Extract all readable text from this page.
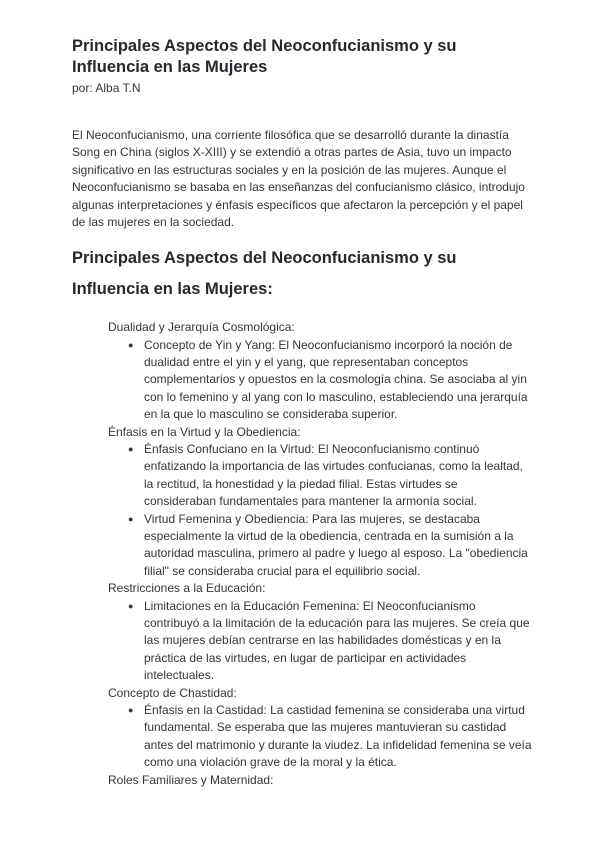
Principales Aspectos del Neoconfucianismo y su Influencia en las Mujeres
por: Alba T.N

El Neoconfucianismo, una corriente filosófica que se desarrolló durante la dinastía Song en China (siglos X-XIII) y se extendió a otras partes de Asia, tuvo un impacto significativo en las estructuras sociales y en la posición de las mujeres. Aunque el Neoconfucianismo se basaba en las enseñanzas del confucianismo clásico, introdujo algunas interpretaciones y énfasis específicos que afectaron la percepción y el papel de las mujeres en la sociedad.

Principales Aspectos del Neoconfucianismo y su Influencia en las Mujeres:
Dualidad y Jerarquía Cosmológica:
● Concepto de Yin y Yang: El Neoconfucianismo incorporó la noción de dualidad entre el yin y el yang, que representaban conceptos complementarios y opuestos en la cosmología china. Se asociaba al yin con lo femenino y al yang con lo masculino, estableciendo una jerarquía en la que lo masculino se consideraba superior.
Énfasis en la Virtud y la Obediencia:
● Énfasis Confuciano en la Virtud: El Neoconfucianismo continuó enfatizando la importancia de las virtudes confucianas, como la lealtad, la rectitud, la honestidad y la piedad filial. Estas virtudes se consideraban fundamentales para mantener la armonía social.
● Virtud Femenina y Obediencia: Para las mujeres, se destacaba especialmente la virtud de la obediencia, centrada en la sumisión a la autoridad masculina, primero al padre y luego al esposo. La "obediencia filial" se consideraba crucial para el equilibrio social.
Restricciones a la Educación:
● Limitaciones en la Educación Femenina: El Neoconfucianismo contribuyó a la limitación de la educación para las mujeres. Se creía que las mujeres debían centrarse en las habilidades domésticas y en la práctica de las virtudes, en lugar de participar en actividades intelectuales.
Concepto de Chastidad:
● Énfasis en la Castidad: La castidad femenina se consideraba una virtud fundamental. Se esperaba que las mujeres mantuvieran su castidad antes del matrimonio y durante la viudez. La infidelidad femenina se veía como una violación grave de la moral y la ética.
Roles Familiares y Maternidad:
